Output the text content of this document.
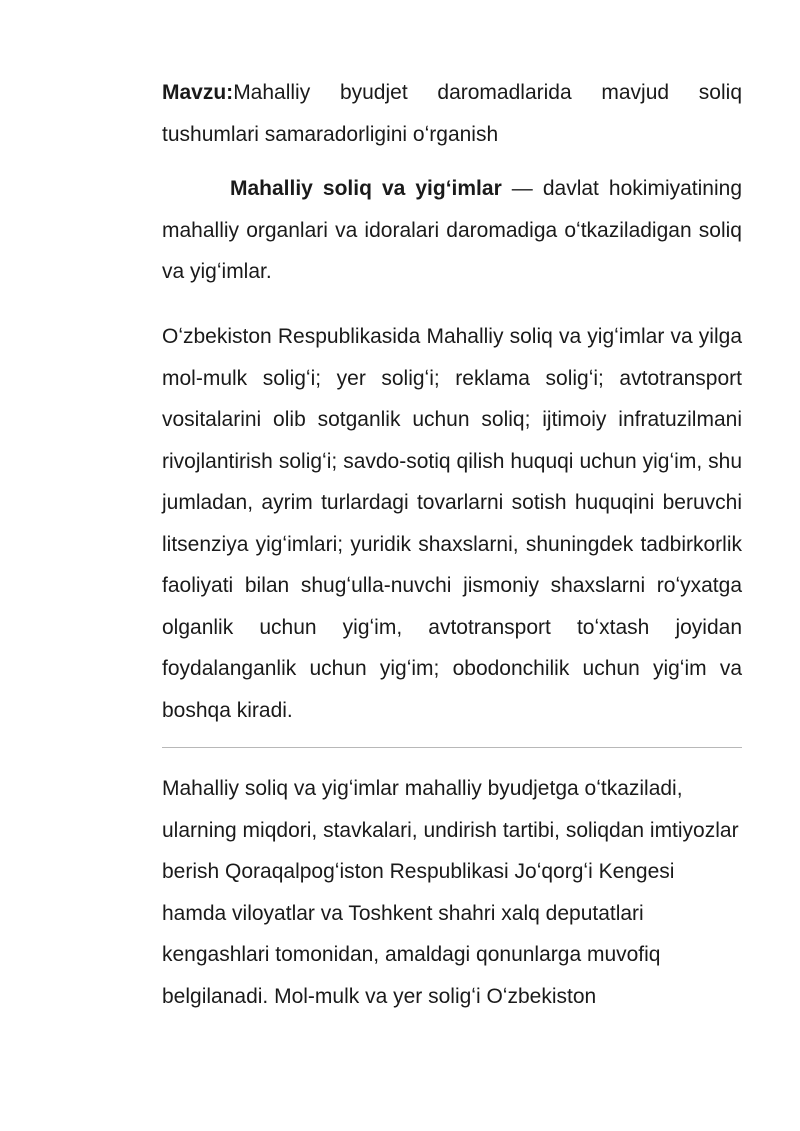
Mavzu:Mahalliy byudjet daromadlarida mavjud soliq tushumlari samaradorligini oʻrganish

Mahalliy soliq va yigʻimlar — davlat hokimiyatining mahalliy organlari va idoralari daromadiga oʻtkaziladigan soliq va yigʻimlar.

Oʻzbekiston Respublikasida Mahalliy soliq va yigʻimlar va yilga mol-mulk soligʻi; yer soligʻi; reklama soligʻi; avtotransport vositalarini olib sotganlik uchun soliq; ijtimoiy infratuzilmani rivojlantirish soligʻi; savdo-sotiq qilish huquqi uchun yigʻim, shu jumladan, ayrim turlardagi tovarlarni sotish huquqini beruvchi litsenziya yigʻimlari; yuridik shaxslarni, shuningdek tadbirkorlik faoliyati bilan shugʻulla-nuvchi jismoniy shaxslarni roʻyxatga olganlik uchun yigʻim, avtotransport toʻxtash joyidan foydalanganlik uchun yigʻim; obodonchilik uchun yigʻim va boshqa kiradi.

Mahalliy soliq va yigʻimlar mahalliy byudjetga oʻtkaziladi, ularning miqdori, stavkalari, undirish tartibi, soliqdan imtiyozlar berish Qoraqalpogʻiston Respublikasi Joʻqorgʻi Kengesi hamda viloyatlar va Toshkent shahri xalq deputatlari kengashlari tomonidan, amaldagi qonunlarga muvofiq belgilanadi. Mol-mulk va yer soligʻi Oʻzbekiston
